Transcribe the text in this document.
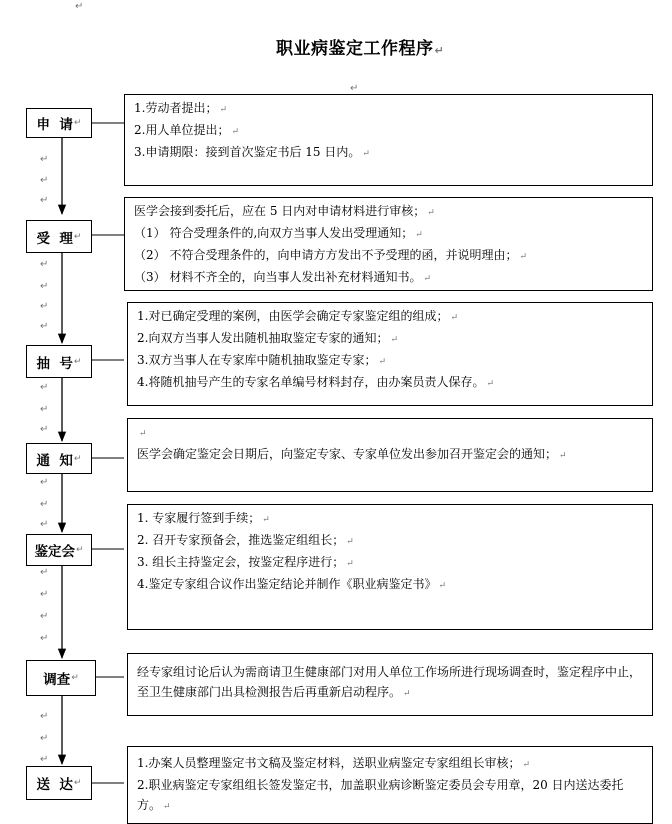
↵
↵
↵
↵
↵
↵
↵
↵
↵
↵
↵
↵
↵
↵
↵
↵
↵
↵
↵
↵
↵
↵
职业病鉴定工作程序↵
申  请 ↵
受  理 ↵
抽  号 ↵
通  知 ↵
鉴定会 ↵
调查 ↵
送  达 ↵
1.劳动者提出； ↵
2.用人单位提出； ↵
3.申请期限：接到首次鉴定书后 15 日内。 ↵
医学会接到委托后，应在 5 日内对申请材料进行审核； ↵
（1） 符合受理条件的,向双方当事人发出受理通知； ↵
（2） 不符合受理条件的，向申请方方发出不予受理的函，并说明理由； ↵
（3） 材料不齐全的，向当事人发出补充材料通知书。 ↵
1.对已确定受理的案例，由医学会确定专家鉴定组的组成； ↵
2.向双方当事人发出随机抽取鉴定专家的通知； ↵
3.双方当事人在专家库中随机抽取鉴定专家； ↵
4.将随机抽号产生的专家名单编号材料封存，由办案员责人保存。 ↵
↵
医学会确定鉴定会日期后，向鉴定专家、专家单位发出参加召开鉴定会的通知； ↵
1. 专家履行签到手续； ↵
2. 召开专家预备会，推选鉴定组组长； ↵
3. 组长主持鉴定会，按鉴定程序进行； ↵
4.鉴定专家组合议作出鉴定结论并制作《职业病鉴定书》 ↵
经专家组讨论后认为需商请卫生健康部门对用人单位工作场所进行现场调查时，鉴定程序中止，至卫生健康部门出具检测报告后再重新启动程序。 ↵
1.办案人员整理鉴定书文稿及鉴定材料，送职业病鉴定专家组组长审核； ↵
2.职业病鉴定专家组组长签发鉴定书，加盖职业病诊断鉴定委员会专用章，20 日内送达委托方。 ↵
